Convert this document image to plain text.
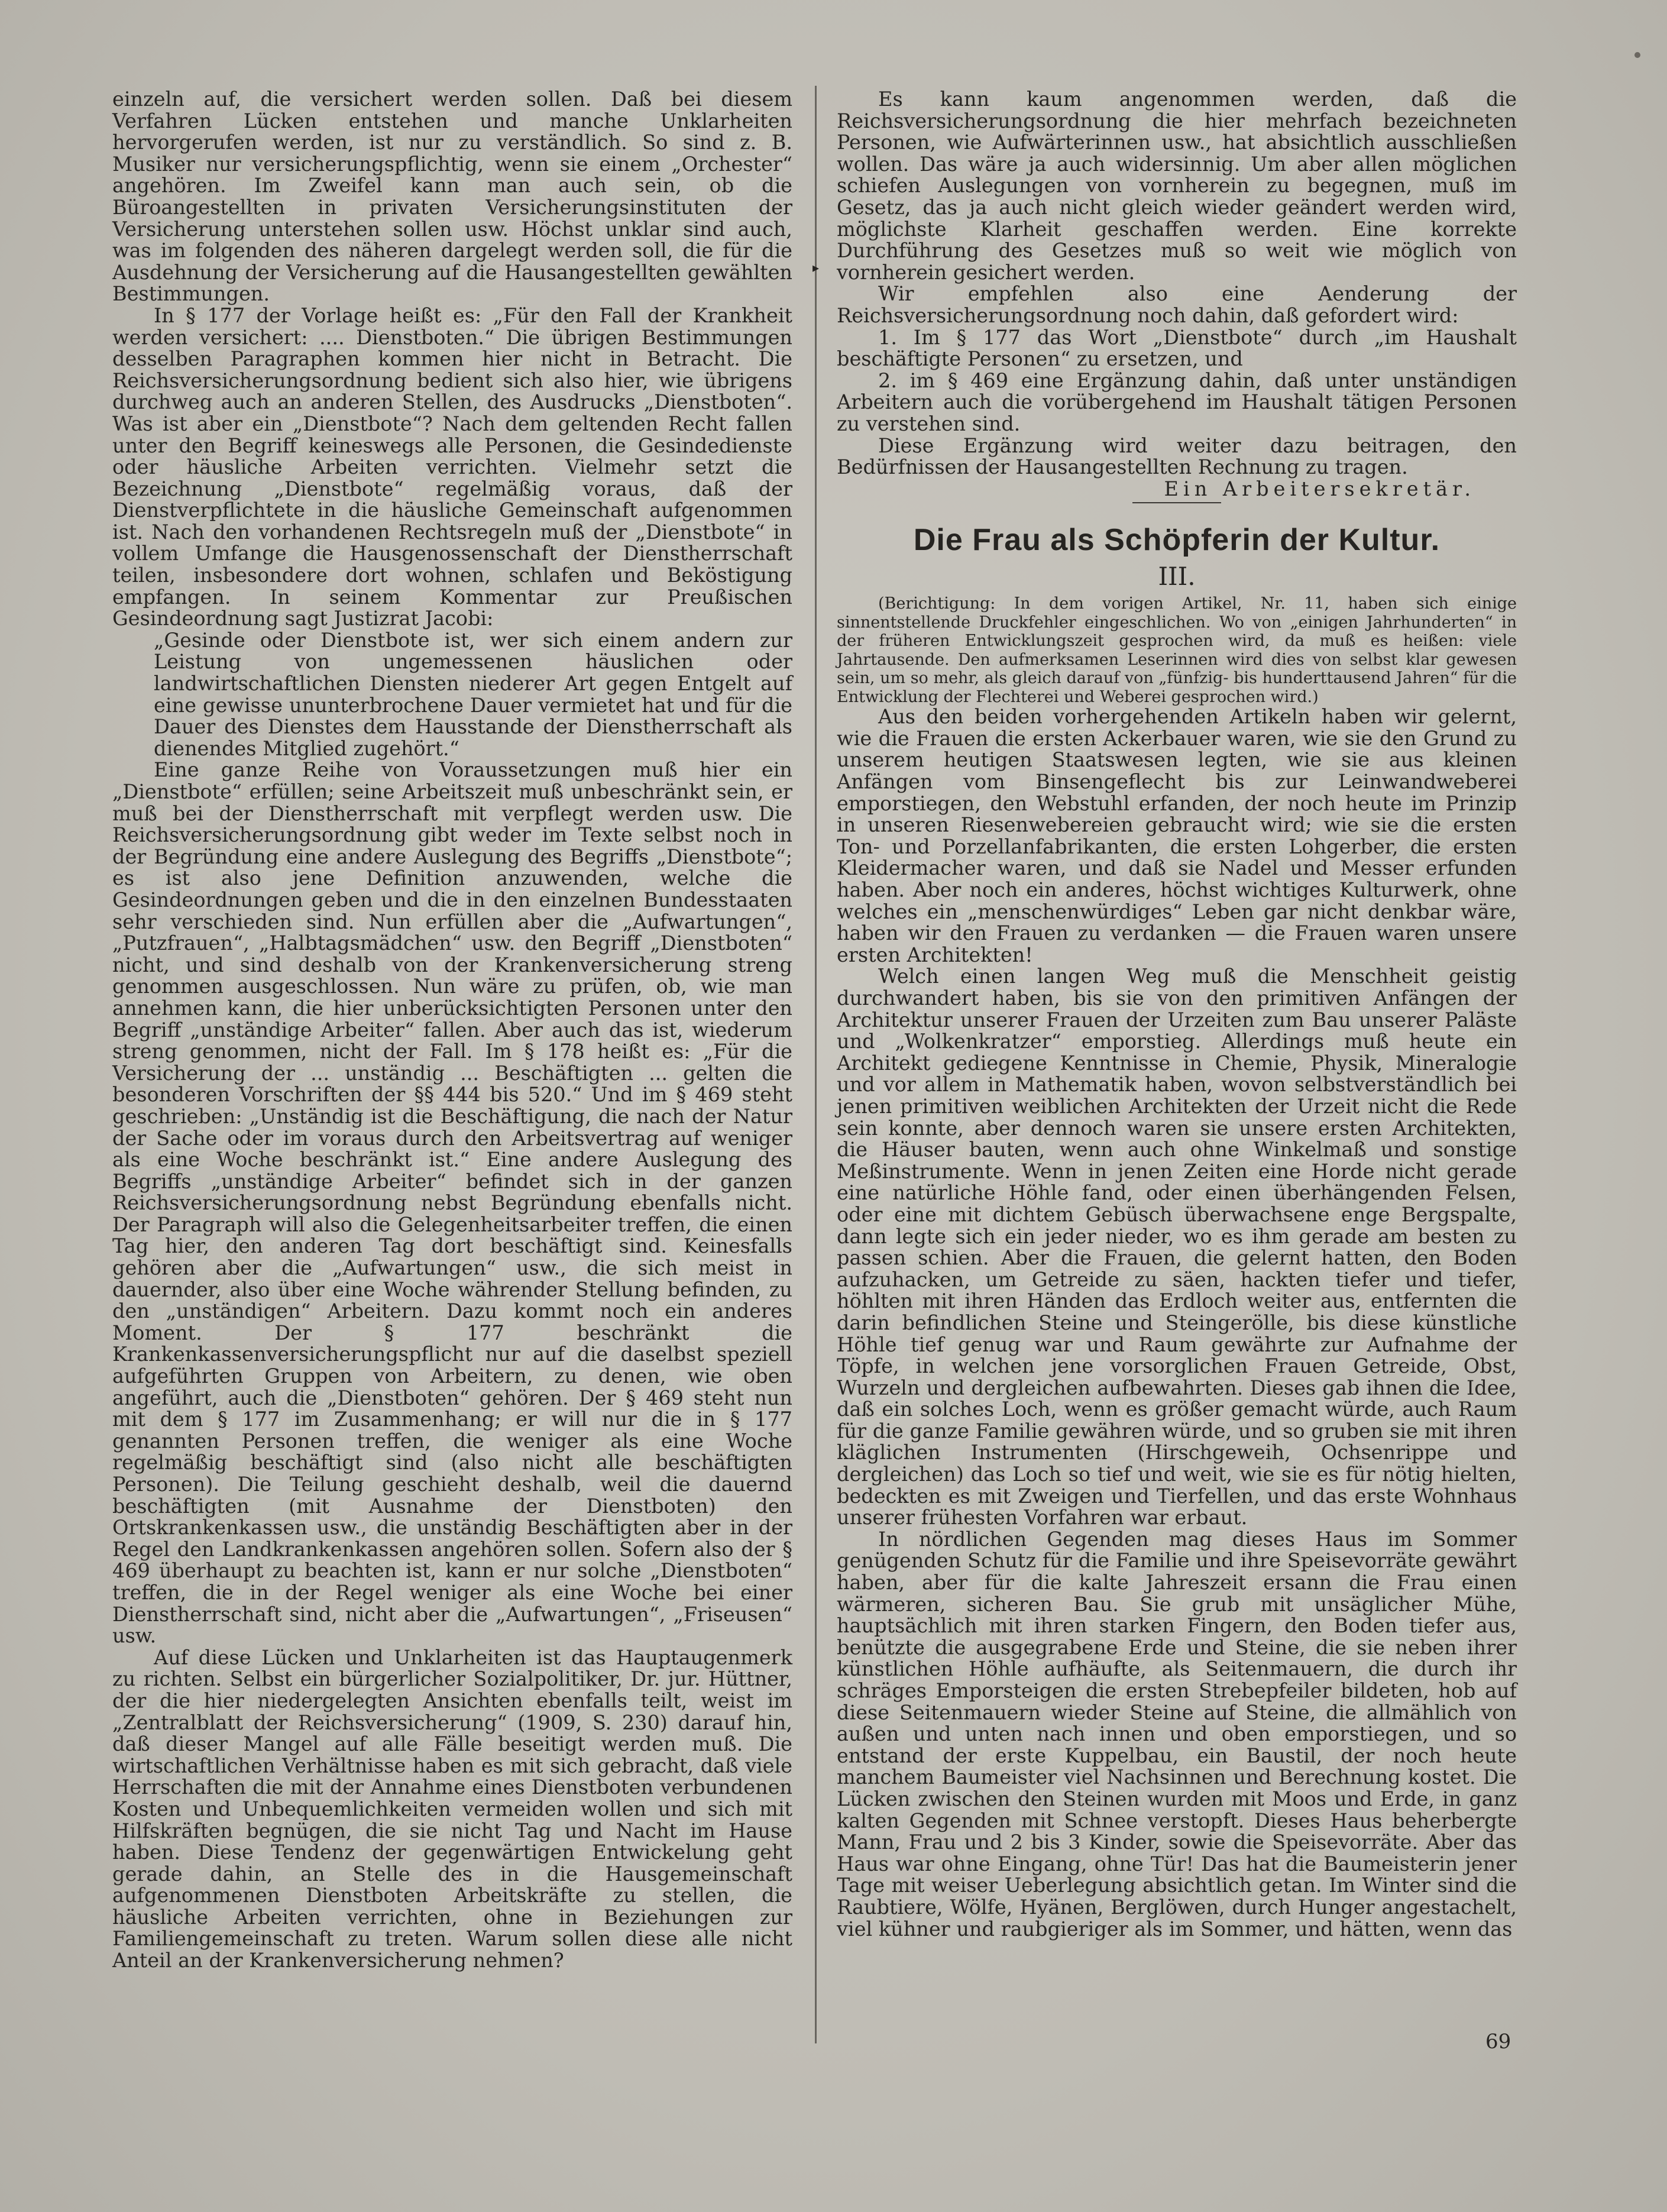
einzeln auf, die versichert werden sollen. Daß bei diesem Verfahren Lücken entstehen und manche Unklarheiten hervorgerufen werden, ist nur zu verständlich. So sind z. B. Musiker nur versicherungspflichtig, wenn sie einem „Orchester“ angehören. Im Zweifel kann man auch sein, ob die Büroangestellten in privaten Versicherungsinstituten der Versicherung unterstehen sollen usw. Höchst unklar sind auch, was im folgenden des näheren dargelegt werden soll, die für die Ausdehnung der Versicherung auf die Hausangestellten gewählten Bestimmungen.

In § 177 der Vorlage heißt es: „Für den Fall der Krankheit werden versichert: .... Dienstboten.“ Die übrigen Bestimmungen desselben Paragraphen kommen hier nicht in Betracht. Die Reichsversicherungsordnung bedient sich also hier, wie übrigens durchweg auch an anderen Stellen, des Ausdrucks „Dienstboten“. Was ist aber ein „Dienstbote“? Nach dem geltenden Recht fallen unter den Begriff keineswegs alle Personen, die Gesindedienste oder häusliche Arbeiten verrichten. Vielmehr setzt die Bezeichnung „Dienstbote“ regelmäßig voraus, daß der Dienstverpflichtete in die häusliche Gemeinschaft aufgenommen ist. Nach den vorhandenen Rechtsregeln muß der „Dienstbote“ in vollem Umfange die Hausgenossenschaft der Dienstherrschaft teilen, insbesondere dort wohnen, schlafen und Beköstigung empfangen. In seinem Kommentar zur Preußischen Gesindeordnung sagt Justizrat Jacobi:

„Gesinde oder Dienstbote ist, wer sich einem andern zur Leistung von ungemessenen häuslichen oder landwirtschaftlichen Diensten niederer Art gegen Entgelt auf eine gewisse ununterbrochene Dauer vermietet hat und für die Dauer des Dienstes dem Hausstande der Dienstherrschaft als dienendes Mitglied zugehört.“

Eine ganze Reihe von Voraussetzungen muß hier ein „Dienstbote“ erfüllen; seine Arbeitszeit muß unbeschränkt sein, er muß bei der Dienstherrschaft mit verpflegt werden usw. Die Reichsversicherungsordnung gibt weder im Texte selbst noch in der Begründung eine andere Auslegung des Begriffs „Dienstbote“; es ist also jene Definition anzuwenden, welche die Gesindeordnungen geben und die in den einzelnen Bundesstaaten sehr verschieden sind. Nun erfüllen aber die „Aufwartungen“, „Putzfrauen“, „Halbtagsmädchen“ usw. den Begriff „Dienstboten“ nicht, und sind deshalb von der Krankenversicherung streng genommen ausgeschlossen. Nun wäre zu prüfen, ob, wie man annehmen kann, die hier unberücksichtigten Personen unter den Begriff „unständige Arbeiter“ fallen. Aber auch das ist, wiederum streng genommen, nicht der Fall. Im § 178 heißt es: „Für die Versicherung der ... unständig ... Beschäftigten ... gelten die besonderen Vorschriften der §§ 444 bis 520.“ Und im § 469 steht geschrieben: „Unständig ist die Beschäftigung, die nach der Natur der Sache oder im voraus durch den Arbeitsvertrag auf weniger als eine Woche beschränkt ist.“ Eine andere Auslegung des Begriffs „unständige Arbeiter“ befindet sich in der ganzen Reichsversicherungsordnung nebst Begründung ebenfalls nicht. Der Paragraph will also die Gelegenheitsarbeiter treffen, die einen Tag hier, den anderen Tag dort beschäftigt sind. Keinesfalls gehören aber die „Aufwartungen“ usw., die sich meist in dauernder, also über eine Woche währender Stellung befinden, zu den „unständigen“ Arbeitern. Dazu kommt noch ein anderes Moment. Der § 177 beschränkt die Krankenkassenversicherungspflicht nur auf die daselbst speziell aufgeführten Gruppen von Arbeitern, zu denen, wie oben angeführt, auch die „Dienstboten“ gehören. Der § 469 steht nun mit dem § 177 im Zusammenhang; er will nur die in § 177 genannten Personen treffen, die weniger als eine Woche regelmäßig beschäftigt sind (also nicht alle beschäftigten Personen). Die Teilung geschieht deshalb, weil die dauernd beschäftigten (mit Ausnahme der Dienstboten) den Ortskrankenkassen usw., die unständig Beschäftigten aber in der Regel den Landkrankenkassen angehören sollen. Sofern also der § 469 überhaupt zu beachten ist, kann er nur solche „Dienstboten“ treffen, die in der Regel weniger als eine Woche bei einer Dienstherrschaft sind, nicht aber die „Aufwartungen“, „Friseusen“ usw.

Auf diese Lücken und Unklarheiten ist das Hauptaugenmerk zu richten. Selbst ein bürgerlicher Sozialpolitiker, Dr. jur. Hüttner, der die hier niedergelegten Ansichten ebenfalls teilt, weist im „Zentralblatt der Reichsversicherung“ (1909, S. 230) darauf hin, daß dieser Mangel auf alle Fälle beseitigt werden muß. Die wirtschaftlichen Verhältnisse haben es mit sich gebracht, daß viele Herrschaften die mit der Annahme eines Dienstboten verbundenen Kosten und Unbequemlichkeiten vermeiden wollen und sich mit Hilfskräften begnügen, die sie nicht Tag und Nacht im Hause haben. Diese Tendenz der gegenwärtigen Entwickelung geht gerade dahin, an Stelle des in die Hausgemeinschaft aufgenommenen Dienstboten Arbeitskräfte zu stellen, die häusliche Arbeiten verrichten, ohne in Beziehungen zur Familiengemeinschaft zu treten. Warum sollen diese alle nicht Anteil an der Krankenversicherung nehmen?

▸

Es kann kaum angenommen werden, daß die Reichsversicherungsordnung die hier mehrfach bezeichneten Personen, wie Aufwärterinnen usw., hat absichtlich ausschließen wollen. Das wäre ja auch widersinnig. Um aber allen möglichen schiefen Auslegungen von vornherein zu begegnen, muß im Gesetz, das ja auch nicht gleich wieder geändert werden wird, möglichste Klarheit geschaffen werden. Eine korrekte Durchführung des Gesetzes muß so weit wie möglich von vornherein gesichert werden.

Wir empfehlen also eine Aenderung der Reichsversicherungsordnung noch dahin, daß gefordert wird:

1. Im § 177 das Wort „Dienstbote“ durch „im Haushalt beschäftigte Personen“ zu ersetzen, und

2. im § 469 eine Ergänzung dahin, daß unter unständigen Arbeitern auch die vorübergehend im Haushalt tätigen Personen zu verstehen sind.

Diese Ergänzung wird weiter dazu beitragen, den Bedürfnissen der Hausangestellten Rechnung zu tragen.

Ein Arbeitersekretär.

Die Frau als Schöpferin der Kultur.
III.

(Berichtigung: In dem vorigen Artikel, Nr. 11, haben sich einige sinnentstellende Druckfehler eingeschlichen. Wo von „einigen Jahrhunderten“ in der früheren Entwicklungszeit gesprochen wird, da muß es heißen: viele Jahrtausende. Den aufmerksamen Leserinnen wird dies von selbst klar gewesen sein, um so mehr, als gleich darauf von „fünfzig- bis hunderttausend Jahren“ für die Entwicklung der Flechterei und Weberei gesprochen wird.)

Aus den beiden vorhergehenden Artikeln haben wir gelernt, wie die Frauen die ersten Ackerbauer waren, wie sie den Grund zu unserem heutigen Staatswesen legten, wie sie aus kleinen Anfängen vom Binsengeflecht bis zur Leinwandweberei emporstiegen, den Webstuhl erfanden, der noch heute im Prinzip in unseren Riesenwebereien gebraucht wird; wie sie die ersten Ton- und Porzellanfabrikanten, die ersten Lohgerber, die ersten Kleidermacher waren, und daß sie Nadel und Messer erfunden haben. Aber noch ein anderes, höchst wichtiges Kulturwerk, ohne welches ein „menschenwürdiges“ Leben gar nicht denkbar wäre, haben wir den Frauen zu verdanken — die Frauen waren unsere ersten Architekten!

Welch einen langen Weg muß die Menschheit geistig durchwandert haben, bis sie von den primitiven Anfängen der Architektur unserer Frauen der Urzeiten zum Bau unserer Paläste und „Wolkenkratzer“ emporstieg. Allerdings muß heute ein Architekt gediegene Kenntnisse in Chemie, Physik, Mineralogie und vor allem in Mathematik haben, wovon selbstverständlich bei jenen primitiven weiblichen Architekten der Urzeit nicht die Rede sein konnte, aber dennoch waren sie unsere ersten Architekten, die Häuser bauten, wenn auch ohne Winkelmaß und sonstige Meßinstrumente. Wenn in jenen Zeiten eine Horde nicht gerade eine natürliche Höhle fand, oder einen überhängenden Felsen, oder eine mit dichtem Gebüsch überwachsene enge Bergspalte, dann legte sich ein jeder nieder, wo es ihm gerade am besten zu passen schien. Aber die Frauen, die gelernt hatten, den Boden aufzuhacken, um Getreide zu säen, hackten tiefer und tiefer, höhlten mit ihren Händen das Erdloch weiter aus, entfernten die darin befindlichen Steine und Steingerölle, bis diese künstliche Höhle tief genug war und Raum gewährte zur Aufnahme der Töpfe, in welchen jene vorsorglichen Frauen Getreide, Obst, Wurzeln und dergleichen aufbewahrten. Dieses gab ihnen die Idee, daß ein solches Loch, wenn es größer gemacht würde, auch Raum für die ganze Familie gewähren würde, und so gruben sie mit ihren kläglichen Instrumenten (Hirschgeweih, Ochsenrippe und dergleichen) das Loch so tief und weit, wie sie es für nötig hielten, bedeckten es mit Zweigen und Tierfellen, und das erste Wohnhaus unserer frühesten Vorfahren war erbaut.

In nördlichen Gegenden mag dieses Haus im Sommer genügenden Schutz für die Familie und ihre Speisevorräte gewährt haben, aber für die kalte Jahreszeit ersann die Frau einen wärmeren, sicheren Bau. Sie grub mit unsäglicher Mühe, hauptsächlich mit ihren starken Fingern, den Boden tiefer aus, benützte die ausgegrabene Erde und Steine, die sie neben ihrer künstlichen Höhle aufhäufte, als Seitenmauern, die durch ihr schräges Emporsteigen die ersten Strebepfeiler bildeten, hob auf diese Seitenmauern wieder Steine auf Steine, die allmählich von außen und unten nach innen und oben emporstiegen, und so entstand der erste Kuppelbau, ein Baustil, der noch heute manchem Baumeister viel Nachsinnen und Berechnung kostet. Die Lücken zwischen den Steinen wurden mit Moos und Erde, in ganz kalten Gegenden mit Schnee verstopft. Dieses Haus beherbergte Mann, Frau und 2 bis 3 Kinder, sowie die Speisevorräte. Aber das Haus war ohne Eingang, ohne Tür! Das hat die Baumeisterin jener Tage mit weiser Ueberlegung absichtlich getan. Im Winter sind die Raubtiere, Wölfe, Hyänen, Berglöwen, durch Hunger angestachelt, viel kühner und raubgieriger als im Sommer, und hätten, wenn das

69
